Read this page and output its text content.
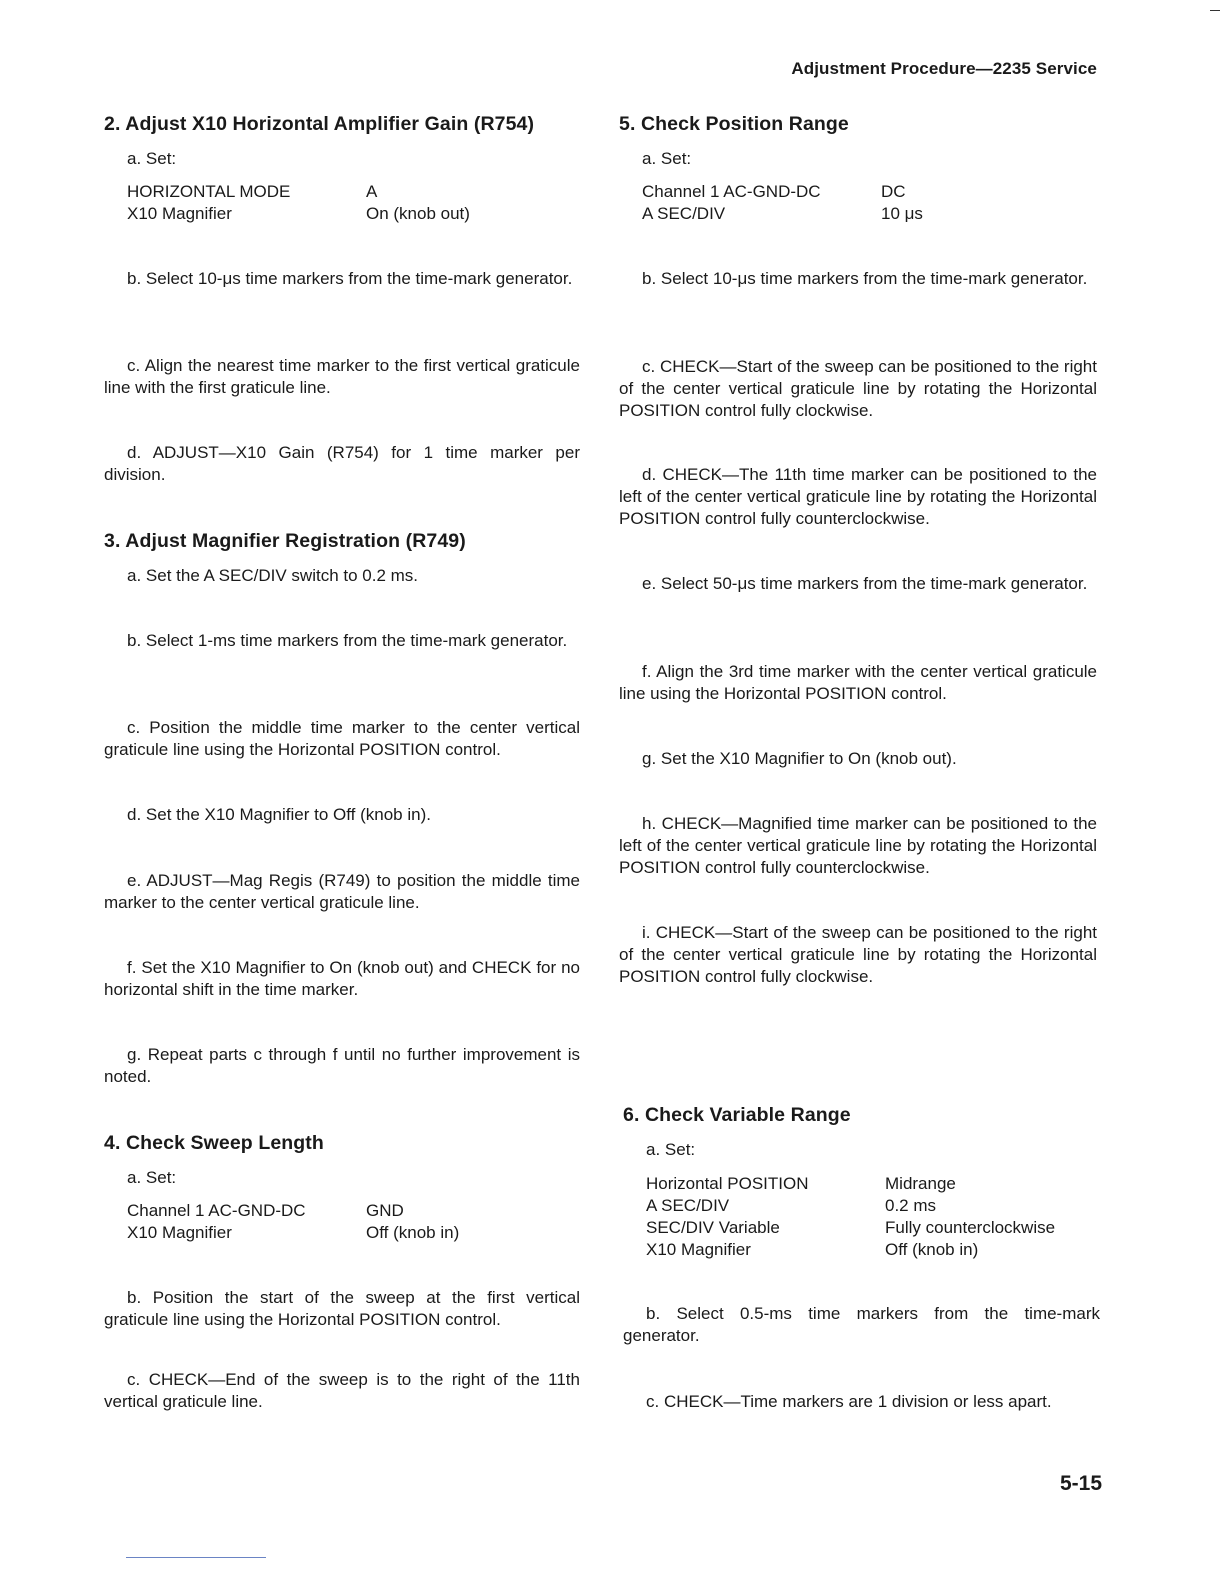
Adjustment Procedure—2235 Service
2. Adjust X10 Horizontal Amplifier Gain (R754)
a. Set:
HORIZONTAL MODE	A
X10 Magnifier	On (knob out)
b. Select 10-μs time markers from the time-mark generator.
c. Align the nearest time marker to the first vertical graticule line with the first graticule line.
d. ADJUST—X10 Gain (R754) for 1 time marker per division.
3. Adjust Magnifier Registration (R749)
a. Set the A SEC/DIV switch to 0.2 ms.
b. Select 1-ms time markers from the time-mark generator.
c. Position the middle time marker to the center vertical graticule line using the Horizontal POSITION control.
d. Set the X10 Magnifier to Off (knob in).
e. ADJUST—Mag Regis (R749) to position the middle time marker to the center vertical graticule line.
f. Set the X10 Magnifier to On (knob out) and CHECK for no horizontal shift in the time marker.
g. Repeat parts c through f until no further improvement is noted.
4. Check Sweep Length
a. Set:
Channel 1 AC-GND-DC	GND
X10 Magnifier	Off (knob in)
b. Position the start of the sweep at the first vertical graticule line using the Horizontal POSITION control.
c. CHECK—End of the sweep is to the right of the 11th vertical graticule line.
5. Check Position Range
a. Set:
Channel 1 AC-GND-DC	DC
A SEC/DIV	10 μs
b. Select 10-μs time markers from the time-mark generator.
c. CHECK—Start of the sweep can be positioned to the right of the center vertical graticule line by rotating the Horizontal POSITION control fully clockwise.
d. CHECK—The 11th time marker can be positioned to the left of the center vertical graticule line by rotating the Horizontal POSITION control fully counterclockwise.
e. Select 50-μs time markers from the time-mark generator.
f. Align the 3rd time marker with the center vertical graticule line using the Horizontal POSITION control.
g. Set the X10 Magnifier to On (knob out).
h. CHECK—Magnified time marker can be positioned to the left of the center vertical graticule line by rotating the Horizontal POSITION control fully counterclockwise.
i. CHECK—Start of the sweep can be positioned to the right of the center vertical graticule line by rotating the Horizontal POSITION control fully clockwise.
6. Check Variable Range
a. Set:
Horizontal POSITION	Midrange
A SEC/DIV	0.2 ms
SEC/DIV Variable	Fully counterclockwise
X10 Magnifier	Off (knob in)
b. Select 0.5-ms time markers from the time-mark generator.
c. CHECK—Time markers are 1 division or less apart.
5-15
